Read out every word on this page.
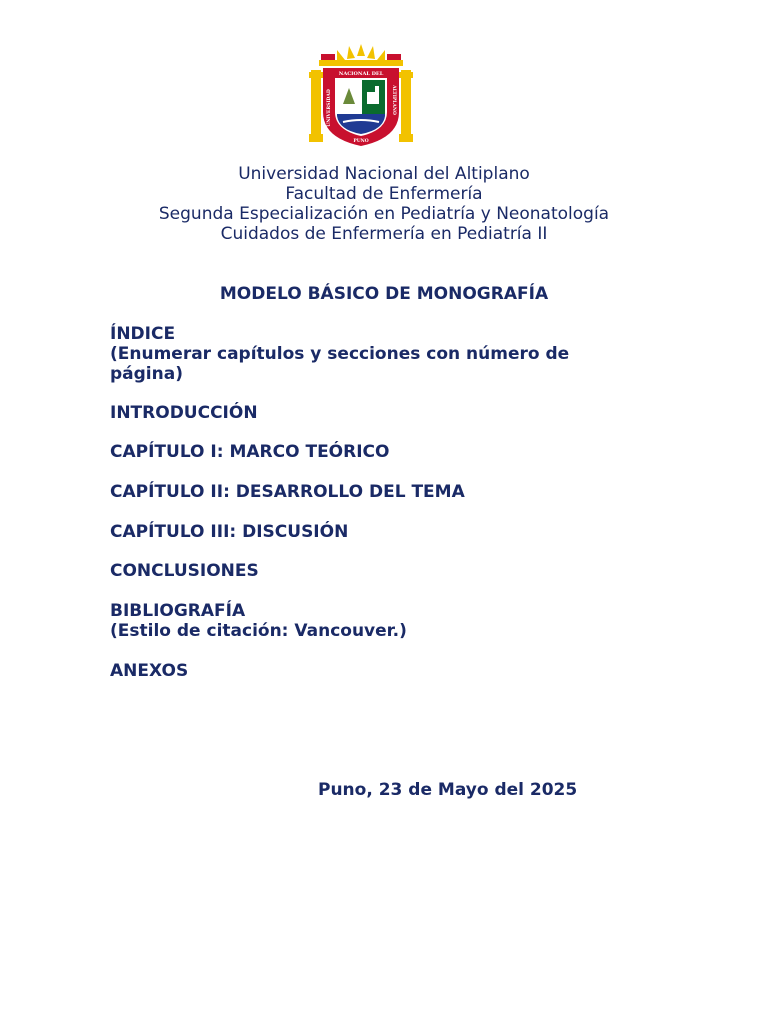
NACIONAL DEL
UNIVERSIDAD	ALTIPLANO
PUNO
Universidad Nacional del Altiplano
Facultad de Enfermería
Segunda Especialización en Pediatría y Neonatología
Cuidados de Enfermería en Pediatría II
MODELO BÁSICO DE MONOGRAFÍA
ÍNDICE
(Enumerar capítulos y secciones con número de
página)
INTRODUCCIÓN
CAPÍTULO I: MARCO TEÓRICO
CAPÍTULO II: DESARROLLO DEL TEMA
CAPÍTULO III: DISCUSIÓN
CONCLUSIONES
BIBLIOGRAFÍA
(Estilo de citación: Vancouver.)
ANEXOS
Puno, 23 de Mayo del 2025
